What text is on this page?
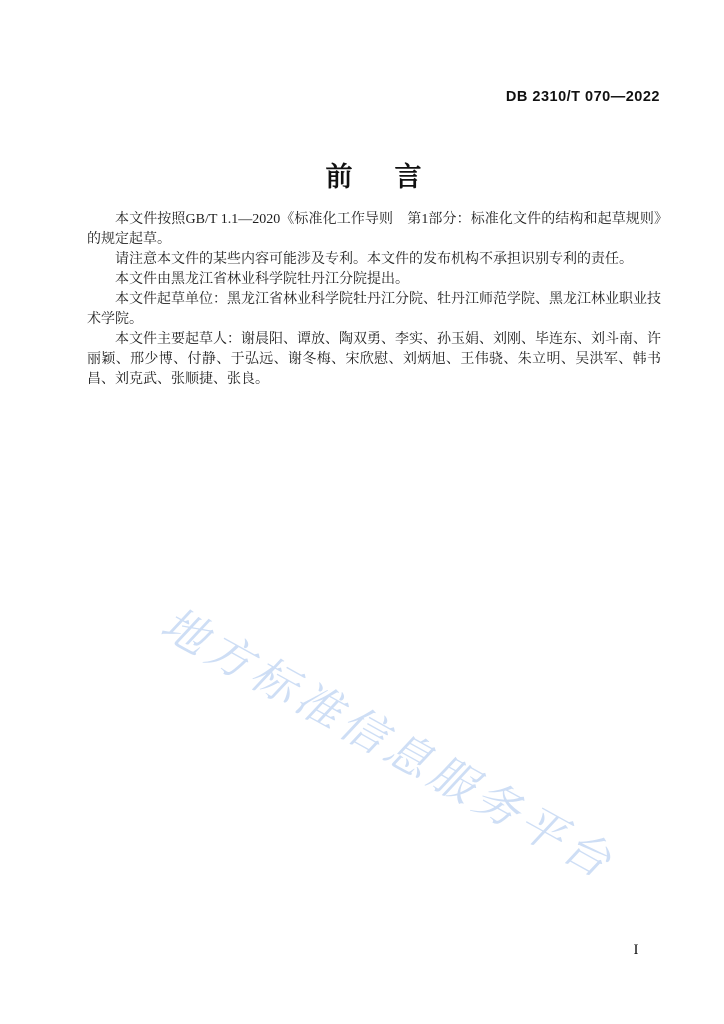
DB 2310/T 070—2022
前 言

本文件按照GB/T 1.1—2020《标准化工作导则　第1部分：标准化文件的结构和起草规则》的规定起草。

请注意本文件的某些内容可能涉及专利。本文件的发布机构不承担识别专利的责任。

本文件由黑龙江省林业科学院牡丹江分院提出。

本文件起草单位：黑龙江省林业科学院牡丹江分院、牡丹江师范学院、黑龙江林业职业技术学院。

本文件主要起草人：谢晨阳、谭放、陶双勇、李实、孙玉娟、刘刚、毕连东、刘斗南、许丽颖、邢少博、付静、于弘远、谢冬梅、宋欣慰、刘炳旭、王伟骁、朱立明、吴洪军、韩书昌、刘克武、张顺捷、张良。

地方标准信息服务平台
I
